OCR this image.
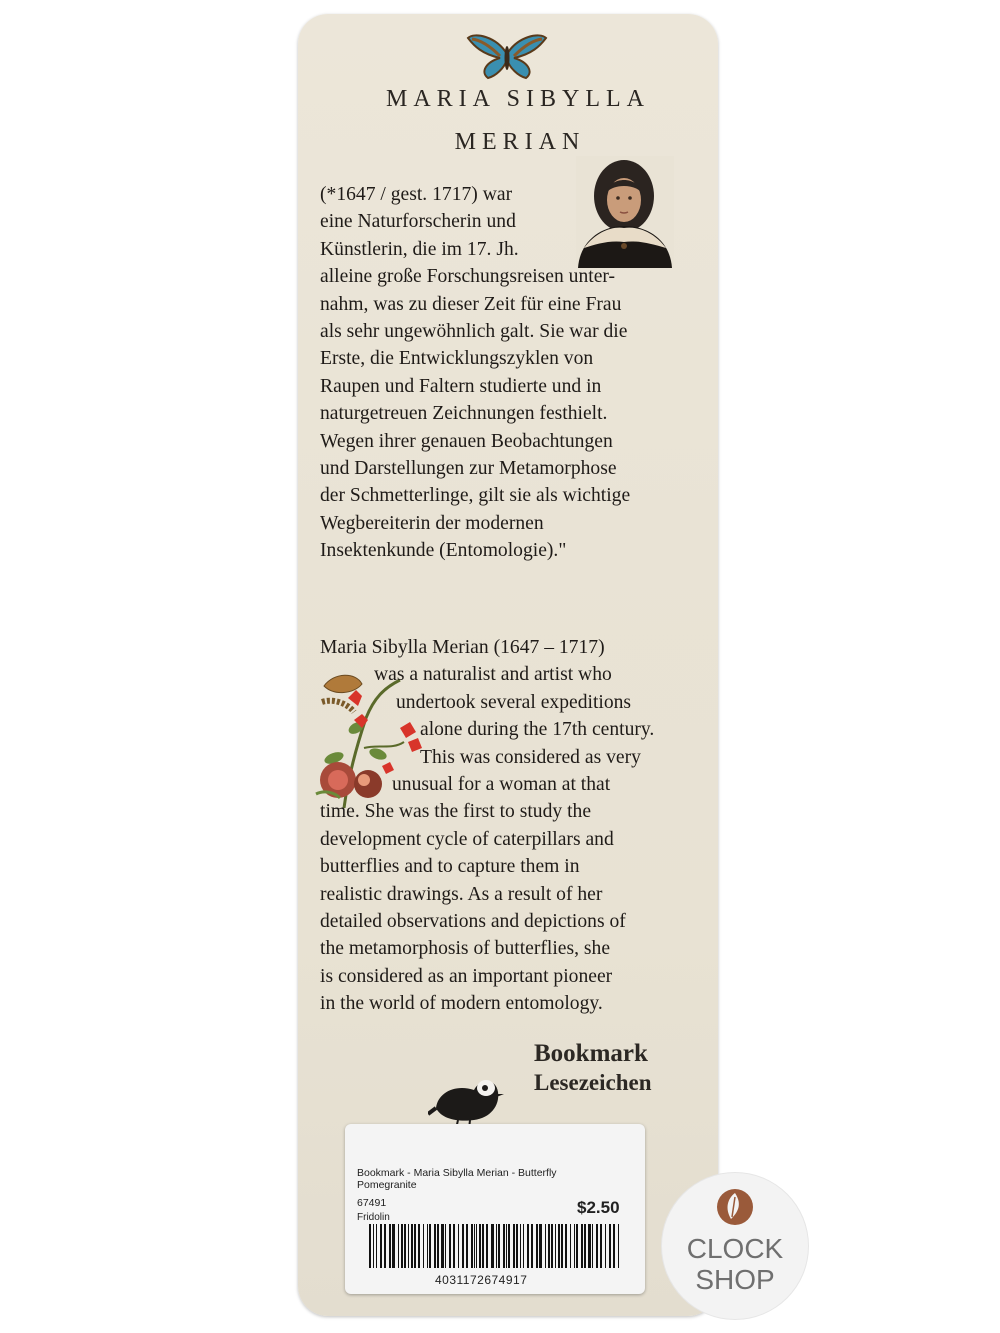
MARIA SIBYLLA
MERIAN
(*1647 / gest. 1717) war
eine Naturforscherin und
Künstlerin, die im 17. Jh.
alleine große Forschungsreisen unter-
nahm, was zu dieser Zeit für eine Frau
als sehr ungewöhnlich galt. Sie war die
Erste, die Entwicklungszyklen von
Raupen und Faltern studierte und in
naturgetreuen Zeichnungen festhielt.
Wegen ihrer genauen Beobachtungen
und Darstellungen zur Metamorphose
der Schmetterlinge, gilt sie als wichtige
Wegbereiterin der modernen
Insektenkunde (Entomologie)."
Maria Sibylla Merian (1647 – 1717)
was a naturalist and artist who
undertook several expeditions
alone during the 17th century.
This was considered as very
unusual for a woman at that
time. She was the first to study the
development cycle of caterpillars and
butterflies and to capture them in
realistic drawings. As a result of her
detailed observations and depictions of
the metamorphosis of butterflies, she
is considered as an important pioneer
in the world of modern entomology.
Bookmark
Lesezeichen
Bookmark - Maria Sibylla Merian - Butterfly Pomegranite
67491
Fridolin
$2.50
4031172674917
CLOCK
SHOP
